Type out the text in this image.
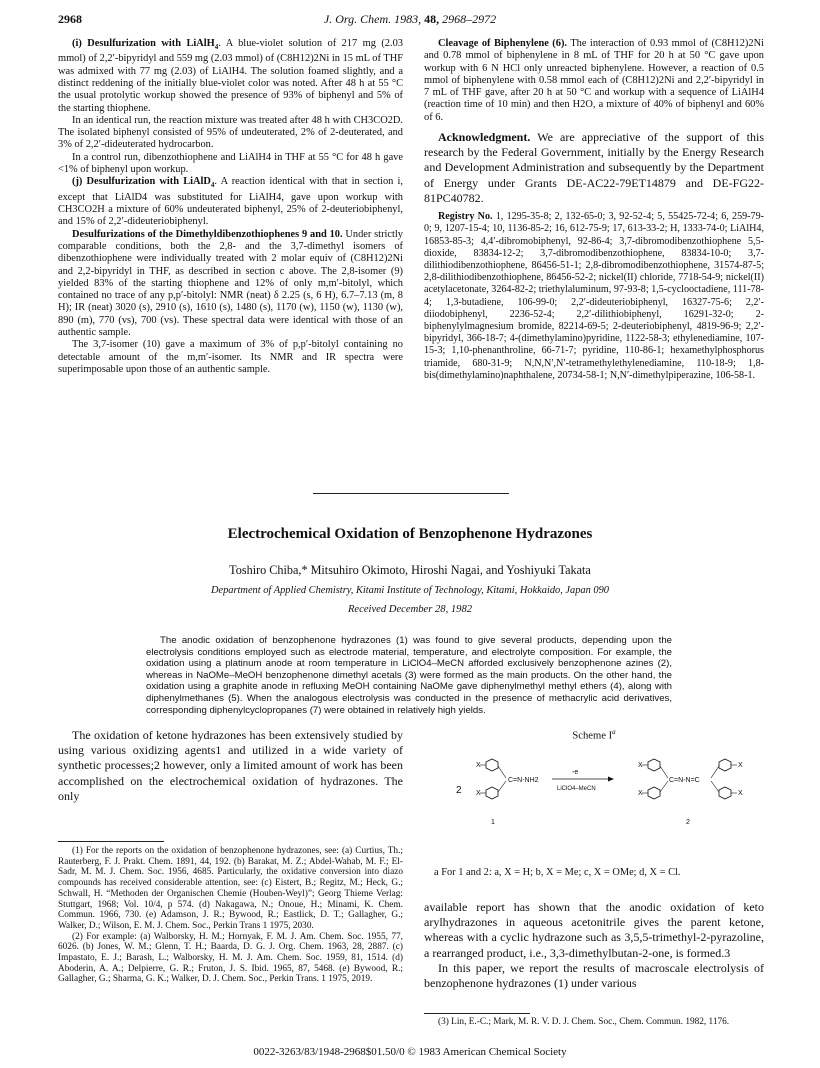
2968	J. Org. Chem. 1983, 48, 2968–2972

(i) Desulfurization with LiAlH$_4$. A blue-violet solution of 217 mg (2.03 mmol) of 2,2′-bipyridyl and 559 mg (2.03 mmol) of (C8H12)2Ni in 15 mL of THF was admixed with 77 mg (2.03) of LiAlH4. The solution foamed slightly, and a distinct reddening of the initially blue-violet color was noted. After 48 h at 55 °C the usual protolytic workup showed the presence of 93% of biphenyl and 5% of the starting thiophene.

In an identical run, the reaction mixture was treated after 48 h with CH3CO2D. The isolated biphenyl consisted of 95% of undeuterated, 2% of 2-deuterated, and 3% of 2,2′-dideuterated hydrocarbon.

In a control run, dibenzothiophene and LiAlH4 in THF at 55 °C for 48 h gave <1% of biphenyl upon workup.

(j) Desulfurization with LiAlD$_4$. A reaction identical with that in section i, except that LiAlD4 was substituted for LiAlH4, gave upon workup with CH3CO2H a mixture of 60% undeuterated biphenyl, 25% of 2-deuteriobiphenyl, and 15% of 2,2′-dideuteriobiphenyl.

Desulfurizations of the Dimethyldibenzothiophenes 9 and 10. Under strictly comparable conditions, both the 2,8- and the 3,7-dimethyl isomers of dibenzothiophene were individually treated with 2 molar equiv of (C8H12)2Ni and 2,2-bipyridyl in THF, as described in section c above. The 2,8-isomer (9) yielded 83% of the starting thiophene and 12% of only m,m′-bitolyl, which contained no trace of any p,p′-bitolyl: NMR (neat) δ 2.25 (s, 6 H), 6.7–7.13 (m, 8 H); IR (neat) 3020 (s), 2910 (s), 1610 (s), 1480 (s), 1170 (w), 1150 (w), 1130 (w), 890 (m), 770 (vs), 700 (vs). These spectral data were identical with those of an authentic sample.

The 3,7-isomer (10) gave a maximum of 3% of p,p′-bitolyl containing no detectable amount of the m,m′-isomer. Its NMR and IR spectra were superimposable upon those of an authentic sample.

Cleavage of Biphenylene (6). The interaction of 0.93 mmol of (C8H12)2Ni and 0.78 mmol of biphenylene in 8 mL of THF for 20 h at 50 °C gave upon workup with 6 N HCl only unreacted biphenylene. However, a reaction of 0.5 mmol of biphenylene with 0.58 mmol each of (C8H12)2Ni and 2,2′-bipyridyl in 7 mL of THF gave, after 20 h at 50 °C and workup with a sequence of LiAlH4 (reaction time of 10 min) and then H2O, a mixture of 40% of biphenyl and 60% of 6.

Acknowledgment. We are appreciative of the support of this research by the Federal Government, initially by the Energy Research and Development Administration and subsequently by the Department of Energy under Grants DE-AC22-79ET14879 and DE-FG22-81PC40782.

Registry No. 1, 1295-35-8; 2, 132-65-0; 3, 92-52-4; 5, 55425-72-4; 6, 259-79-0; 9, 1207-15-4; 10, 1136-85-2; 16, 612-75-9; 17, 613-33-2; H, 1333-74-0; LiAlH4, 16853-85-3; 4,4′-dibromobiphenyl, 92-86-4; 3,7-dibromodibenzothiophene 5,5-dioxide, 83834-12-2; 3,7-dibromodibenzothiophene, 83834-10-0; 3,7-dilithiodibenzothiophene, 86456-51-1; 2,8-dibromodibenzothiophene, 31574-87-5; 2,8-dilithiodibenzothiophene, 86456-52-2; nickel(II) chloride, 7718-54-9; nickel(II) acetylacetonate, 3264-82-2; triethylaluminum, 97-93-8; 1,5-cyclooctadiene, 111-78-4; 1,3-butadiene, 106-99-0; 2,2′-dideuteriobiphenyl, 16327-75-6; 2,2′-diiodobiphenyl, 2236-52-4; 2,2′-dilithiobiphenyl, 16291-32-0; 2-biphenylylmagnesium bromide, 82214-69-5; 2-deuteriobiphenyl, 4819-96-9; 2,2′-bipyridyl, 366-18-7; 4-(dimethylamino)pyridine, 1122-58-3; ethylenediamine, 107-15-3; 1,10-phenanthroline, 66-71-7; pyridine, 110-86-1; hexamethylphosphorus triamide, 680-31-9; N,N,N′,N′-tetramethylethylenediamine, 110-18-9; 1,8-bis(dimethylamino)naphthalene, 20734-58-1; N,N′-dimethylpiperazine, 106-58-1.

Electrochemical Oxidation of Benzophenone Hydrazones
Toshiro Chiba,* Mitsuhiro Okimoto, Hiroshi Nagai, and Yoshiyuki Takata
Department of Applied Chemistry, Kitami Institute of Technology, Kitami, Hokkaido, Japan 090
Received December 28, 1982
The anodic oxidation of benzophenone hydrazones (1) was found to give several products, depending upon the electrolysis conditions employed such as electrode material, temperature, and electrolyte composition. For example, the oxidation using a platinum anode at room temperature in LiClO4–MeCN afforded exclusively benzophenone azines (2), whereas in NaOMe–MeOH benzophenone dimethyl acetals (3) were formed as the main products. On the other hand, the oxidation using a graphite anode in refluxing MeOH containing NaOMe gave diphenylmethyl methyl ethers (4), along with diphenylmethanes (5). When the analogous electrolysis was conducted in the presence of methacrylic acid derivatives, corresponding diphenylcyclopropanes (7) were obtained in relatively high yields.
The oxidation of ketone hydrazones has been extensively studied by using various oxidizing agents1 and utilized in a wide variety of synthetic processes;2 however, only a limited amount of work has been accomplished on the electrochemical oxidation of hydrazones. The only

(1) For the reports on the oxidation of benzophenone hydrazones, see: (a) Curtius, Th.; Rauterberg, F. J. Prakt. Chem. 1891, 44, 192. (b) Barakat, M. Z.; Abdel-Wahab, M. F.; El-Sadr, M. M. J. Chem. Soc. 1956, 4685. Particularly, the oxidative conversion into diazo compounds has received considerable attention, see: (c) Eistert, B.; Regitz, M.; Heck, G.; Schwall, H. “Methoden der Organischen Chemie (Houben-Weyl)”; Georg Thieme Verlag: Stuttgart, 1968; Vol. 10/4, p 574. (d) Nakagawa, N.; Onoue, H.; Minami, K. Chem. Commun. 1966, 730. (e) Adamson, J. R.; Bywood, R.; Eastlick, D. T.; Gallagher, G.; Walker, D.; Wilson, E. M. J. Chem. Soc., Perkin Trans 1 1975, 2030.

(2) For example: (a) Walborsky, H. M.; Hornyak, F. M. J. Am. Chem. Soc. 1955, 77, 6026. (b) Jones, W. M.; Glenn, T. H.; Baarda, D. G. J. Org. Chem. 1963, 28, 2887. (c) Impastato, E. J.; Barash, L.; Walborsky, H. M. J. Am. Chem. Soc. 1959, 81, 1514. (d) Aboderin, A. A.; Delpierre, G. R.; Fruton, J. S. Ibid. 1965, 87, 5468. (e) Bywood, R.; Gallagher, G.; Sharma, G. K.; Walker, D. J. Chem. Soc., Perkin Trans. 1 1975, 2019.

Scheme $I^a$
2
X
X
C=N-NH2
1
-e
LiClO4–MeCN
X
X
C=N-N=C
X
X
2
a For 1 and 2: a, X = H; b, X = Me; c, X = OMe; d, X = Cl.

available report has shown that the anodic oxidation of keto arylhydrazones in aqueous acetonitrile gives the parent ketone, whereas with a cyclic hydrazone such as 3,5,5-trimethyl-2-pyrazoline, a rearranged product, i.e., 3,3-dimethylbutan-2-one, is formed.3

In this paper, we report the results of macroscale electrolysis of benzophenone hydrazones (1) under various

(3) Lin, E.-C.; Mark, M. R. V. D. J. Chem. Soc., Chem. Commun. 1982, 1176.
0022-3263/83/1948-2968$01.50/0 © 1983 American Chemical Society
